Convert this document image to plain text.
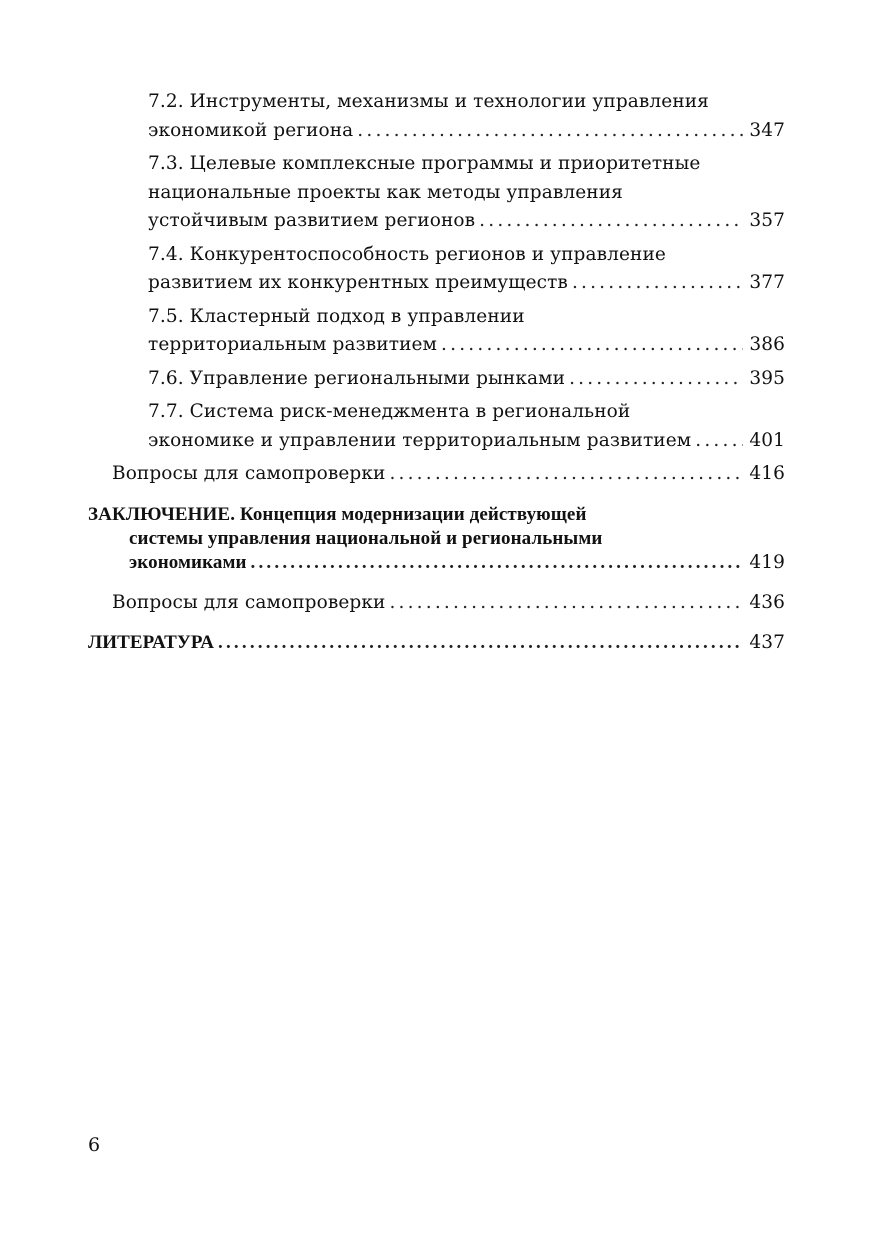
7.2. Инструменты, механизмы и технологии управления
экономикой региона .....	347
7.3. Целевые комплексные программы и приоритетные
национальные проекты как методы управления
устойчивым развитием регионов .....	357
7.4. Конкурентоспособность регионов и управление
развитием их конкурентных преимуществ .....	377
7.5. Кластерный подход в управлении
территориальным развитием .....	386
7.6. Управление региональными рынками .....	395
7.7. Система риск-менеджмента в региональной
экономике и управлении территориальным развитием .....	401
Вопросы для самопроверки .....	416
ЗАКЛЮЧЕНИЕ. Концепция модернизации действующей
системы управления национальной и региональными
экономиками .....	419
Вопросы для самопроверки .....	436
ЛИТЕРАТУРА .....	437
6
